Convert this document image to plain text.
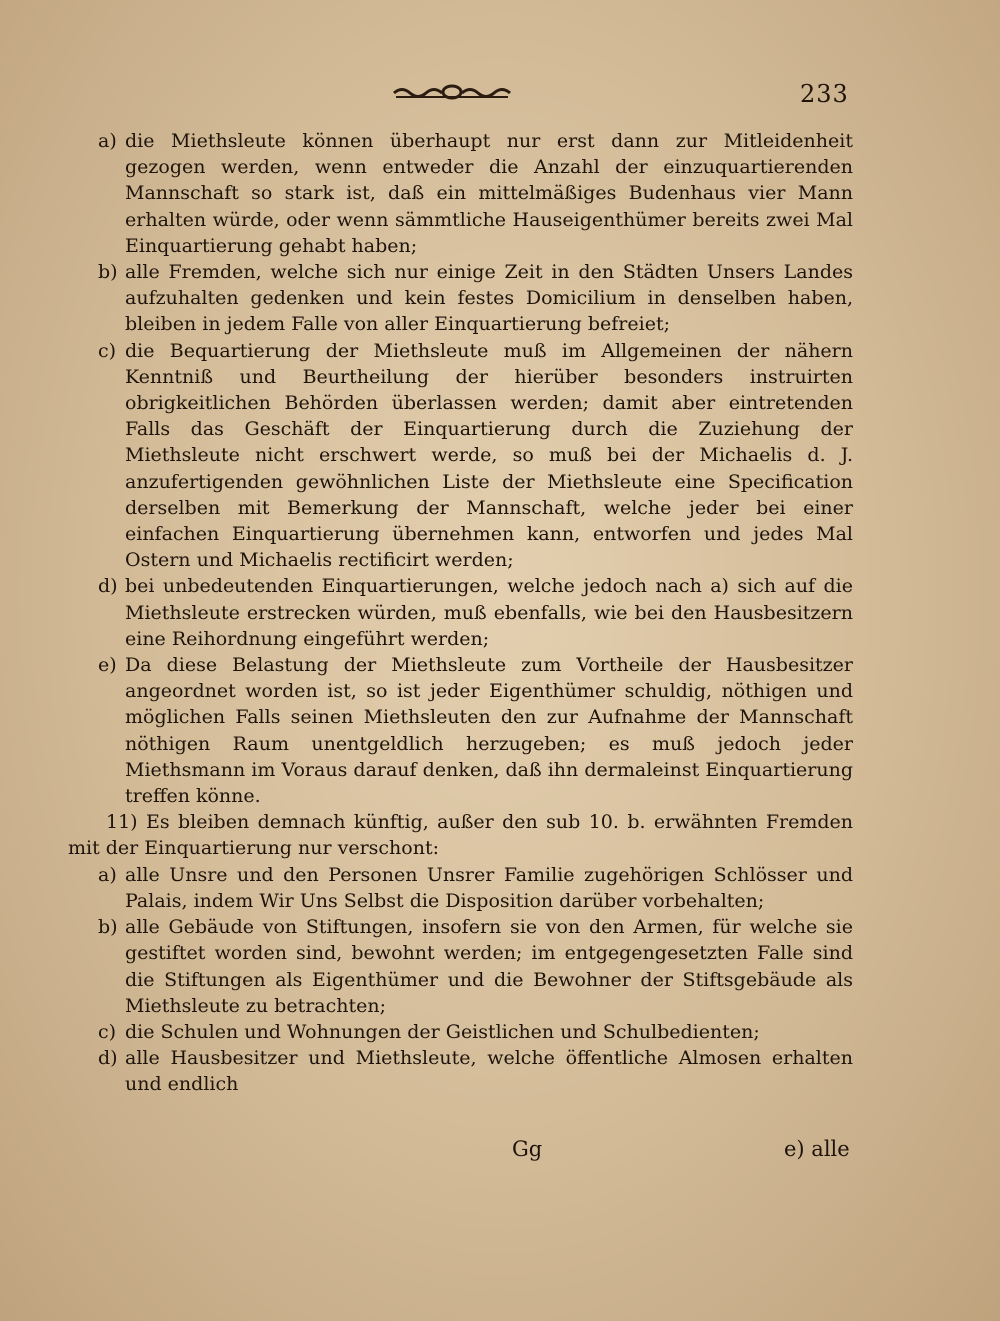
233
a) die Miethsleute können überhaupt nur erst dann zur Mitleidenheit gezogen werden, wenn entweder die Anzahl der einzuquartierenden Mannschaft so stark ist, daß ein mittelmäßiges Budenhaus vier Mann erhalten würde, oder wenn sämmtliche Hauseigenthümer bereits zwei Mal Einquartierung gehabt haben;
b) alle Fremden, welche sich nur einige Zeit in den Städten Unsers Landes aufzuhalten gedenken und kein festes Domicilium in denselben haben, bleiben in jedem Falle von aller Einquartierung befreiet;
c) die Bequartierung der Miethsleute muß im Allgemeinen der nähern Kenntniß und Beurtheilung der hierüber besonders instruirten obrigkeitlichen Behörden überlassen werden; damit aber eintretenden Falls das Geschäft der Einquartierung durch die Zuziehung der Miethsleute nicht erschwert werde, so muß bei der Michaelis d. J. anzufertigenden gewöhnlichen Liste der Miethsleute eine Specification derselben mit Bemerkung der Mannschaft, welche jeder bei einer einfachen Einquartierung übernehmen kann, entworfen und jedes Mal Ostern und Michaelis rectificirt werden;
d) bei unbedeutenden Einquartierungen, welche jedoch nach a) sich auf die Miethsleute erstrecken würden, muß ebenfalls, wie bei den Hausbesitzern eine Reihordnung eingeführt werden;
e) Da diese Belastung der Miethsleute zum Vortheile der Hausbesitzer angeordnet worden ist, so ist jeder Eigenthümer schuldig, nöthigen und möglichen Falls seinen Miethsleuten den zur Aufnahme der Mannschaft nöthigen Raum unentgeldlich herzugeben; es muß jedoch jeder Miethsmann im Voraus darauf denken, daß ihn dermaleinst Einquartierung treffen könne.
11) Es bleiben demnach künftig, außer den sub 10. b. erwähnten Fremden mit der Einquartierung nur verschont:
a) alle Unsre und den Personen Unsrer Familie zugehörigen Schlösser und Palais, indem Wir Uns Selbst die Disposition darüber vorbehalten;
b) alle Gebäude von Stiftungen, insofern sie von den Armen, für welche sie gestiftet worden sind, bewohnt werden; im entgegengesetzten Falle sind die Stiftungen als Eigenthümer und die Bewohner der Stiftsgebäude als Miethsleute zu betrachten;
c) die Schulen und Wohnungen der Geistlichen und Schulbedienten;
d) alle Hausbesitzer und Miethsleute, welche öffentliche Almosen erhalten und endlich
Gg	e) alle
